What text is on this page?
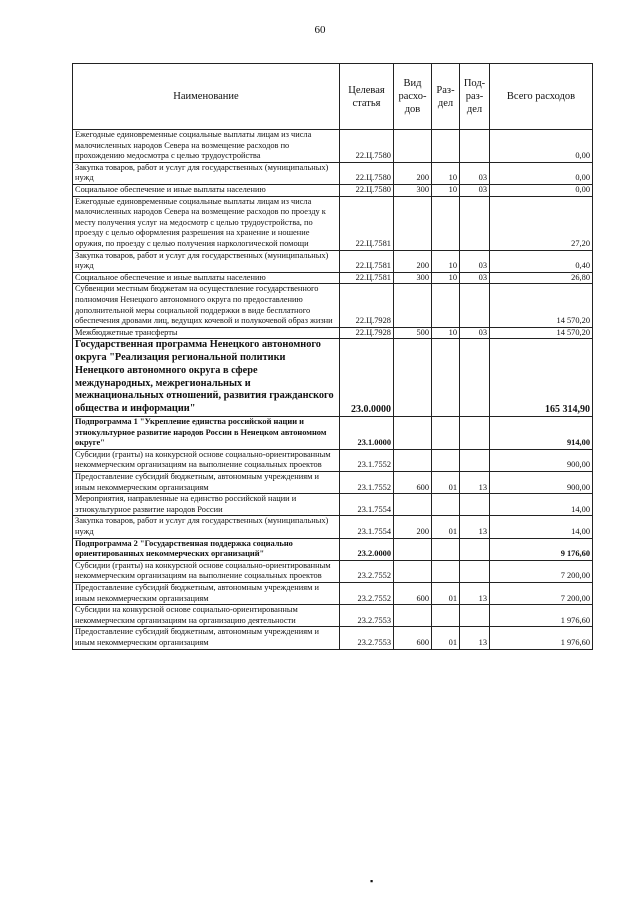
60
Наименование	Целевая статья	Вид расхо-дов	Раз-дел	Под-раз-дел	Всего расходов
Ежегодные единовременные социальные выплаты лицам из числа малочисленных народов Севера на возмещение расходов по прохождению медосмотра с целью трудоустройства	22.Ц.7580				0,00
Закупка товаров, работ и услуг для государственных (муниципальных) нужд	22.Ц.7580	200	10	03	0,00
Социальное обеспечение и иные выплаты населению	22.Ц.7580	300	10	03	0,00
Ежегодные единовременные социальные выплаты лицам из числа малочисленных народов Севера на возмещение расходов по проезду к месту получения услуг на медосмотр с целью трудоустройства, по проезду с целью оформления разрешения на хранение и ношение оружия, по проезду с целью получения наркологической помощи	22.Ц.7581				27,20
Закупка товаров, работ и услуг для государственных (муниципальных) нужд	22.Ц.7581	200	10	03	0,40
Социальное обеспечение и иные выплаты населению	22.Ц.7581	300	10	03	26,80
Субвенции местным бюджетам на осуществление государственного полномочия Ненецкого автономного округа по предоставлению дополнительной меры социальной поддержки в виде бесплатного обеспечения дровами лиц, ведущих кочевой и полукочевой образ жизни	22.Ц.7928				14 570,20
Межбюджетные трансферты	22.Ц.7928	500	10	03	14 570,20
Государственная программа Ненецкого автономного округа "Реализация региональной политики Ненецкого автономного округа в сфере международных, межрегиональных и межнациональных отношений, развития гражданского общества и информации"	23.0.0000				165 314,90
Подпрограмма 1 "Укрепление единства российской нации и этнокультурное развитие народов России в Ненецком автономном округе"	23.1.0000				914,00
Субсидии (гранты) на конкурсной основе социально-ориентированным некоммерческим организациям на выполнение социальных проектов	23.1.7552				900,00
Предоставление субсидий бюджетным, автономным учреждениям и иным некоммерческим организациям	23.1.7552	600	01	13	900,00
Мероприятия, направленные на единство российской нации и этнокультурное развитие народов России	23.1.7554				14,00
Закупка товаров, работ и услуг для государственных (муниципальных) нужд	23.1.7554	200	01	13	14,00
Подпрограмма 2 "Государственная поддержка социально ориентированных некоммерческих организаций"	23.2.0000				9 176,60
Субсидии (гранты) на конкурсной основе социально-ориентированным некоммерческим организациям на выполнение социальных проектов	23.2.7552				7 200,00
Предоставление субсидий бюджетным, автономным учреждениям и иным некоммерческим организациям	23.2.7552	600	01	13	7 200,00
Субсидии на конкурсной основе социально-ориентированным некоммерческим организациям на организацию деятельности	23.2.7553				1 976,60
Предоставление субсидий бюджетным, автономным учреждениям и иным некоммерческим организациям	23.2.7553	600	01	13	1 976,60
▪
